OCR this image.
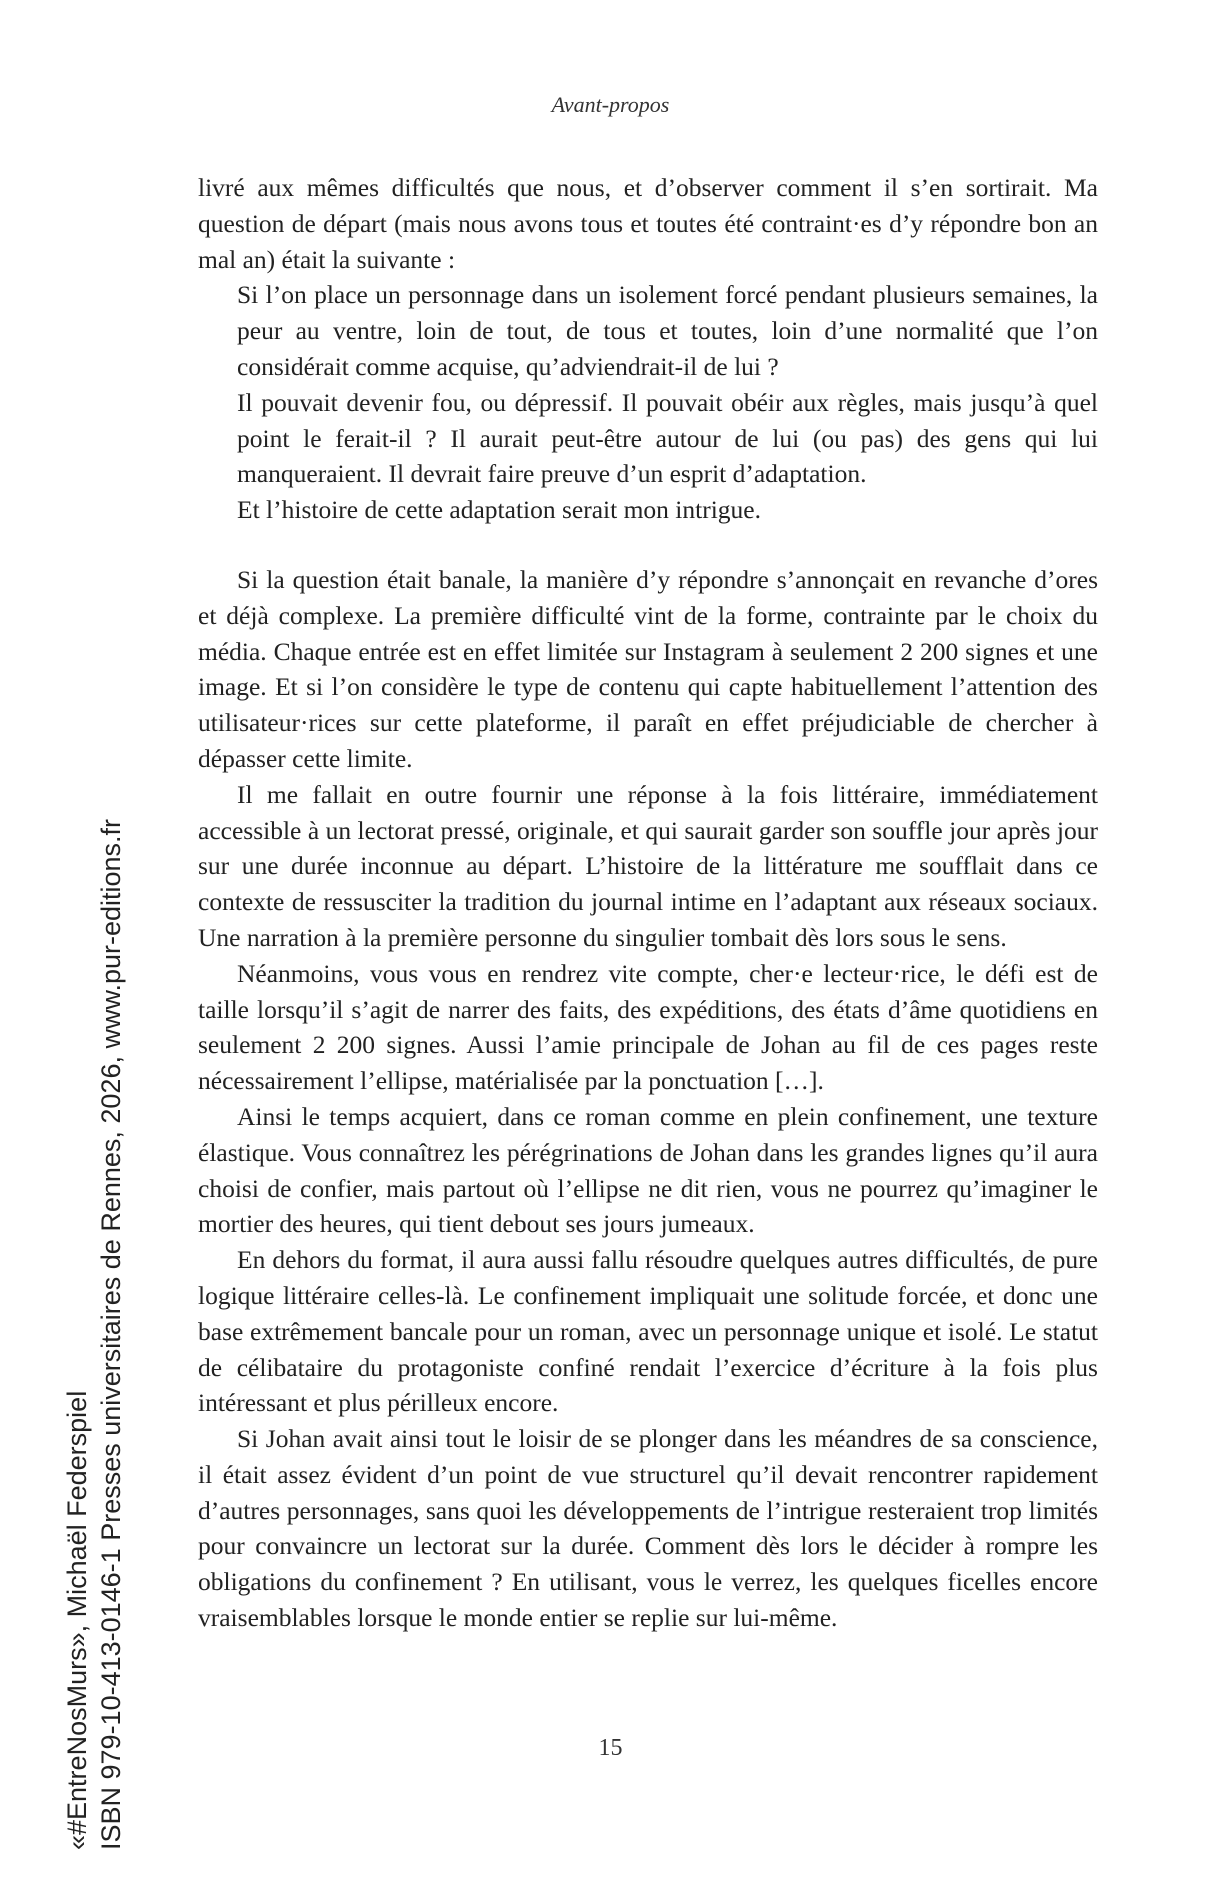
Avant-propos

livré aux mêmes difficultés que nous, et d’observer comment il s’en sortirait. Ma question de départ (mais nous avons tous et toutes été contraint·es d’y répondre bon an mal an) était la suivante :

Si l’on place un personnage dans un isolement forcé pendant plusieurs semaines, la peur au ventre, loin de tout, de tous et toutes, loin d’une normalité que l’on considérait comme acquise, qu’adviendrait-il de lui ?

Il pouvait devenir fou, ou dépressif. Il pouvait obéir aux règles, mais jusqu’à quel point le ferait-il ? Il aurait peut-être autour de lui (ou pas) des gens qui lui manqueraient. Il devrait faire preuve d’un esprit d’adaptation.

Et l’histoire de cette adaptation serait mon intrigue.

Si la question était banale, la manière d’y répondre s’annonçait en revanche d’ores et déjà complexe. La première difficulté vint de la forme, contrainte par le choix du média. Chaque entrée est en effet limitée sur Instagram à seulement 2 200 signes et une image. Et si l’on considère le type de contenu qui capte habituellement l’attention des utilisateur·rices sur cette plateforme, il paraît en effet préjudiciable de chercher à dépasser cette limite.

Il me fallait en outre fournir une réponse à la fois littéraire, immédiatement accessible à un lectorat pressé, originale, et qui saurait garder son souffle jour après jour sur une durée inconnue au départ. L’histoire de la littérature me soufflait dans ce contexte de ressusciter la tradition du journal intime en l’adaptant aux réseaux sociaux. Une narration à la première personne du singulier tombait dès lors sous le sens.

Néanmoins, vous vous en rendrez vite compte, cher·e lecteur·rice, le défi est de taille lorsqu’il s’agit de narrer des faits, des expéditions, des états d’âme quotidiens en seulement 2 200 signes. Aussi l’amie principale de Johan au fil de ces pages reste nécessairement l’ellipse, matérialisée par la ponctuation […].

Ainsi le temps acquiert, dans ce roman comme en plein confinement, une texture élastique. Vous connaîtrez les pérégrinations de Johan dans les grandes lignes qu’il aura choisi de confier, mais partout où l’ellipse ne dit rien, vous ne pourrez qu’imaginer le mortier des heures, qui tient debout ses jours jumeaux.

En dehors du format, il aura aussi fallu résoudre quelques autres difficultés, de pure logique littéraire celles-là. Le confinement impliquait une solitude forcée, et donc une base extrêmement bancale pour un roman, avec un personnage unique et isolé. Le statut de célibataire du protagoniste confiné rendait l’exercice d’écriture à la fois plus intéressant et plus périlleux encore.

Si Johan avait ainsi tout le loisir de se plonger dans les méandres de sa conscience, il était assez évident d’un point de vue structurel qu’il devait rencontrer rapidement d’autres personnages, sans quoi les développements de l’intrigue resteraient trop limités pour convaincre un lectorat sur la durée. Comment dès lors le décider à rompre les obligations du confinement ? En utilisant, vous le verrez, les quelques ficelles encore vraisemblables lorsque le monde entier se replie sur lui-même.

15
«#EntreNosMurs», Michaël Federspiel ISBN 979-10-413-0146-1 Presses universitaires de Rennes, 2026, www.pur-editions.fr
